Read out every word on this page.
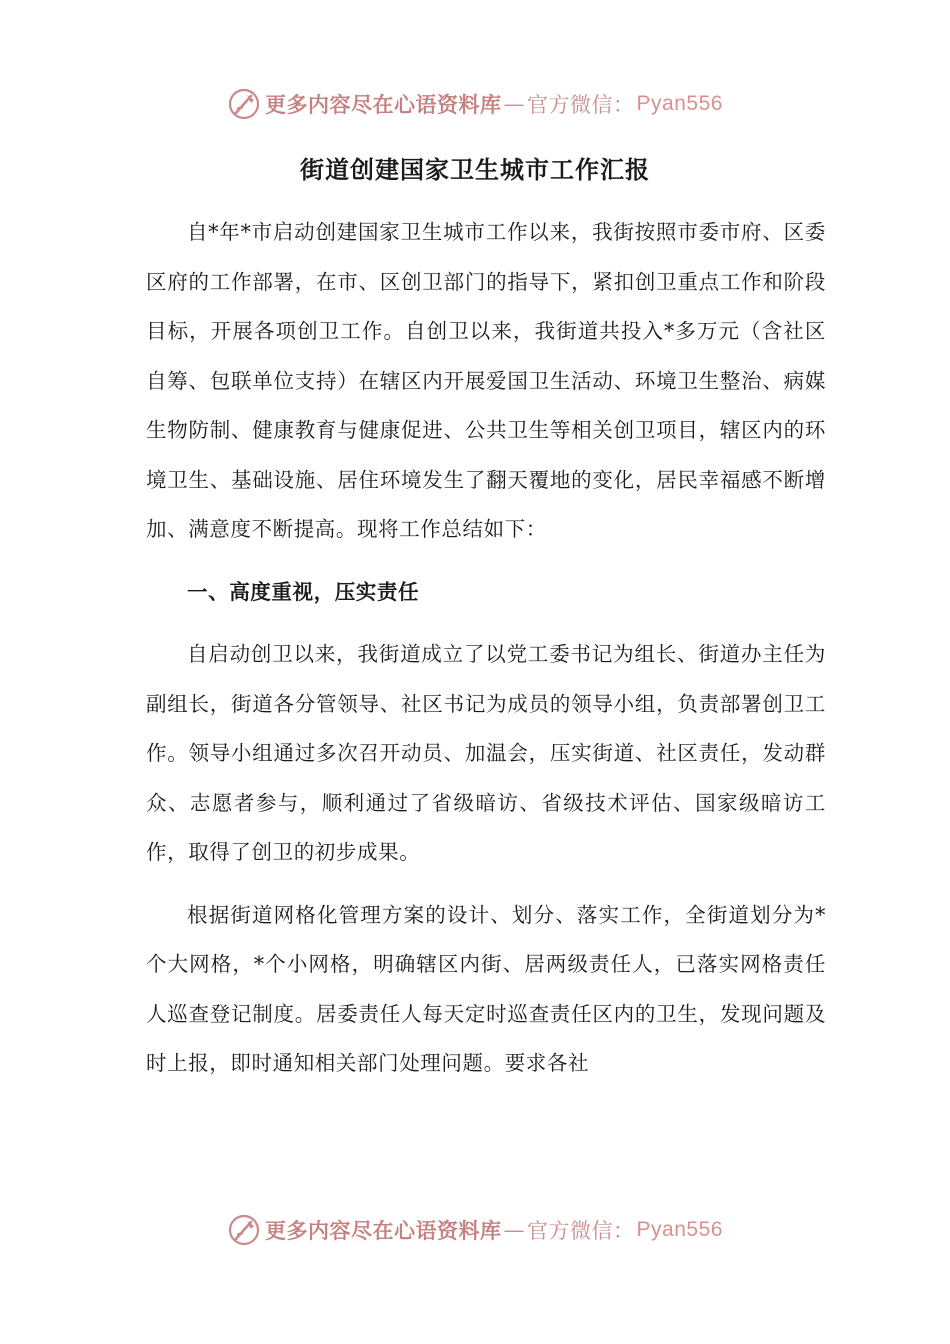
更多内容尽在心语资料库 — 官方微信： Pyan556
街道创建国家卫生城市工作汇报

自*年*市启动创建国家卫生城市工作以来，我街按照市委市府、区委区府的工作部署，在市、区创卫部门的指导下，紧扣创卫重点工作和阶段目标，开展各项创卫工作。自创卫以来，我街道共投入*多万元（含社区自筹、包联单位支持）在辖区内开展爱国卫生活动、环境卫生整治、病媒生物防制、健康教育与健康促进、公共卫生等相关创卫项目，辖区内的环境卫生、基础设施、居住环境发生了翻天覆地的变化，居民幸福感不断增加、满意度不断提高。现将工作总结如下：

一、高度重视，压实责任

自启动创卫以来，我街道成立了以党工委书记为组长、街道办主任为副组长，街道各分管领导、社区书记为成员的领导小组，负责部署创卫工作。领导小组通过多次召开动员、加温会，压实街道、社区责任，发动群众、志愿者参与，顺利通过了省级暗访、省级技术评估、国家级暗访工作，取得了创卫的初步成果。

根据街道网格化管理方案的设计、划分、落实工作，全街道划分为*个大网格，*个小网格，明确辖区内街、居两级责任人，已落实网格责任人巡查登记制度。居委责任人每天定时巡查责任区内的卫生，发现问题及时上报，即时通知相关部门处理问题。要求各社

更多内容尽在心语资料库 — 官方微信： Pyan556
